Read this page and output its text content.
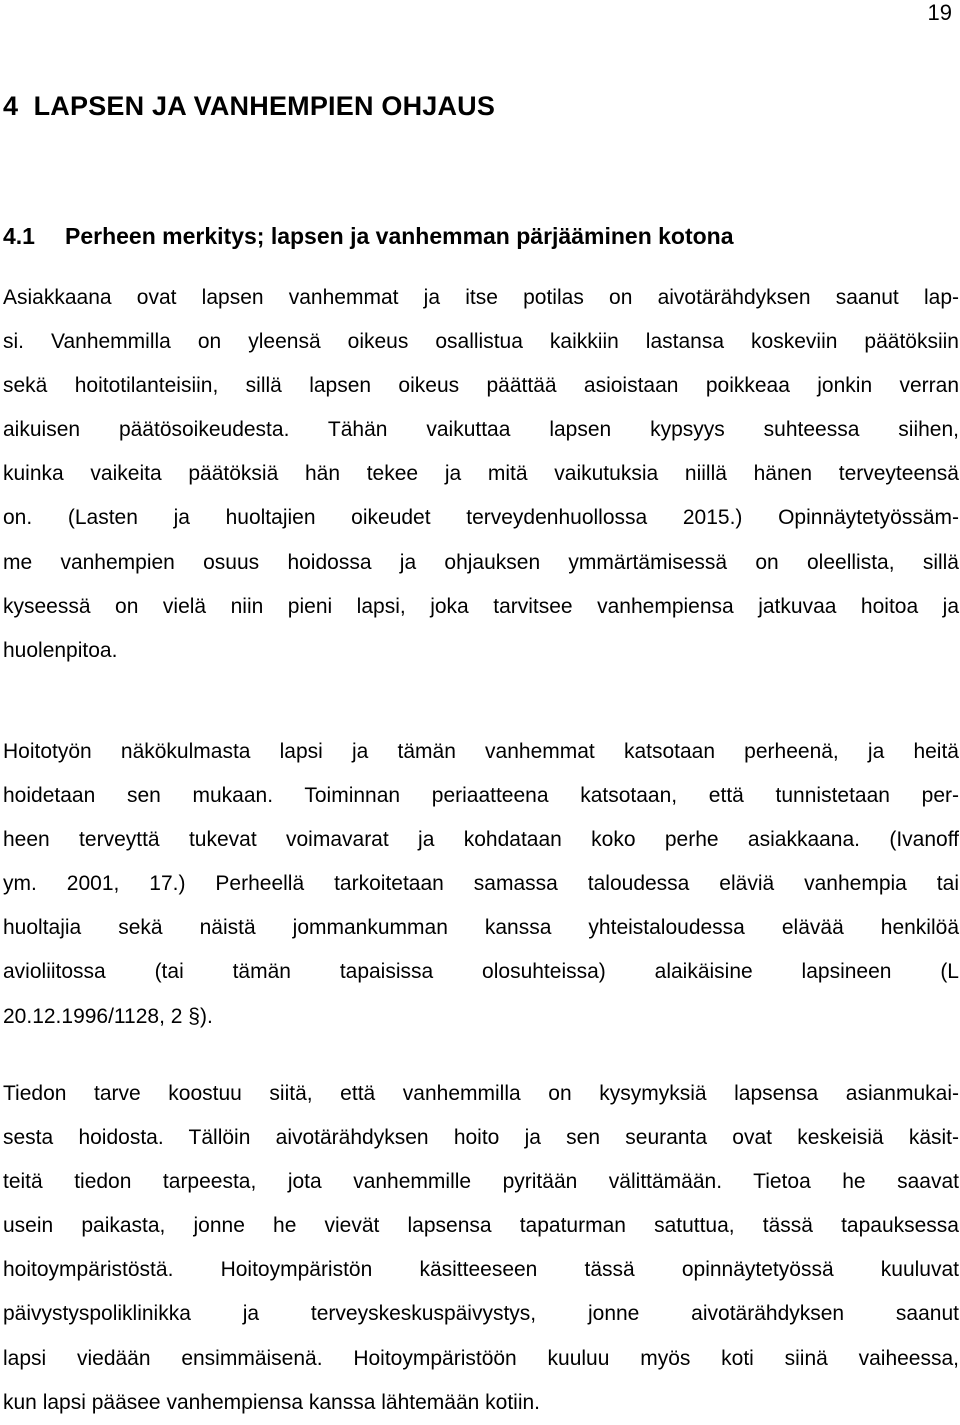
19
4  LAPSEN JA VANHEMPIEN OHJAUS
4.1 Perheen merkitys; lapsen ja vanhemman pärjääminen kotona
Asiakkaana ovat lapsen vanhemmat ja itse potilas on aivotärähdyksen saanut lap-
si. Vanhemmilla on yleensä oikeus osallistua kaikkiin lastansa koskeviin päätöksiin
sekä hoitotilanteisiin, sillä lapsen oikeus päättää asioistaan poikkeaa jonkin verran
aikuisen päätösoikeudesta. Tähän vaikuttaa lapsen kypsyys suhteessa siihen,
kuinka vaikeita päätöksiä hän tekee ja mitä vaikutuksia niillä hänen terveyteensä
on. (Lasten ja huoltajien oikeudet terveydenhuollossa 2015.) Opinnäytetyössäm-
me vanhempien osuus hoidossa ja ohjauksen ymmärtämisessä on oleellista, sillä
kyseessä on vielä niin pieni lapsi, joka tarvitsee vanhempiensa jatkuvaa hoitoa ja
huolenpitoa.
Hoitotyön näkökulmasta lapsi ja tämän vanhemmat katsotaan perheenä, ja heitä
hoidetaan sen mukaan. Toiminnan periaatteena katsotaan, että tunnistetaan per-
heen terveyttä tukevat voimavarat ja kohdataan koko perhe asiakkaana. (Ivanoff
ym. 2001, 17.) Perheellä tarkoitetaan samassa taloudessa eläviä vanhempia tai
huoltajia sekä näistä jommankumman kanssa yhteistaloudessa elävää henkilöä
avioliitossa (tai tämän tapaisissa olosuhteissa) alaikäisine lapsineen (L
20.12.1996/1128, 2 §).
Tiedon tarve koostuu siitä, että vanhemmilla on kysymyksiä lapsensa asianmukai-
sesta hoidosta. Tällöin aivotärähdyksen hoito ja sen seuranta ovat keskeisiä käsit-
teitä tiedon tarpeesta, jota vanhemmille pyritään välittämään. Tietoa he saavat
usein paikasta, jonne he vievät lapsensa tapaturman satuttua, tässä tapauksessa
hoitoympäristöstä. Hoitoympäristön käsitteeseen tässä opinnäytetyössä kuuluvat
päivystyspoliklinikka ja terveyskeskuspäivystys, jonne aivotärähdyksen saanut
lapsi viedään ensimmäisenä. Hoitoympäristöön kuuluu myös koti siinä vaiheessa,
kun lapsi pääsee vanhempiensa kanssa lähtemään kotiin.
